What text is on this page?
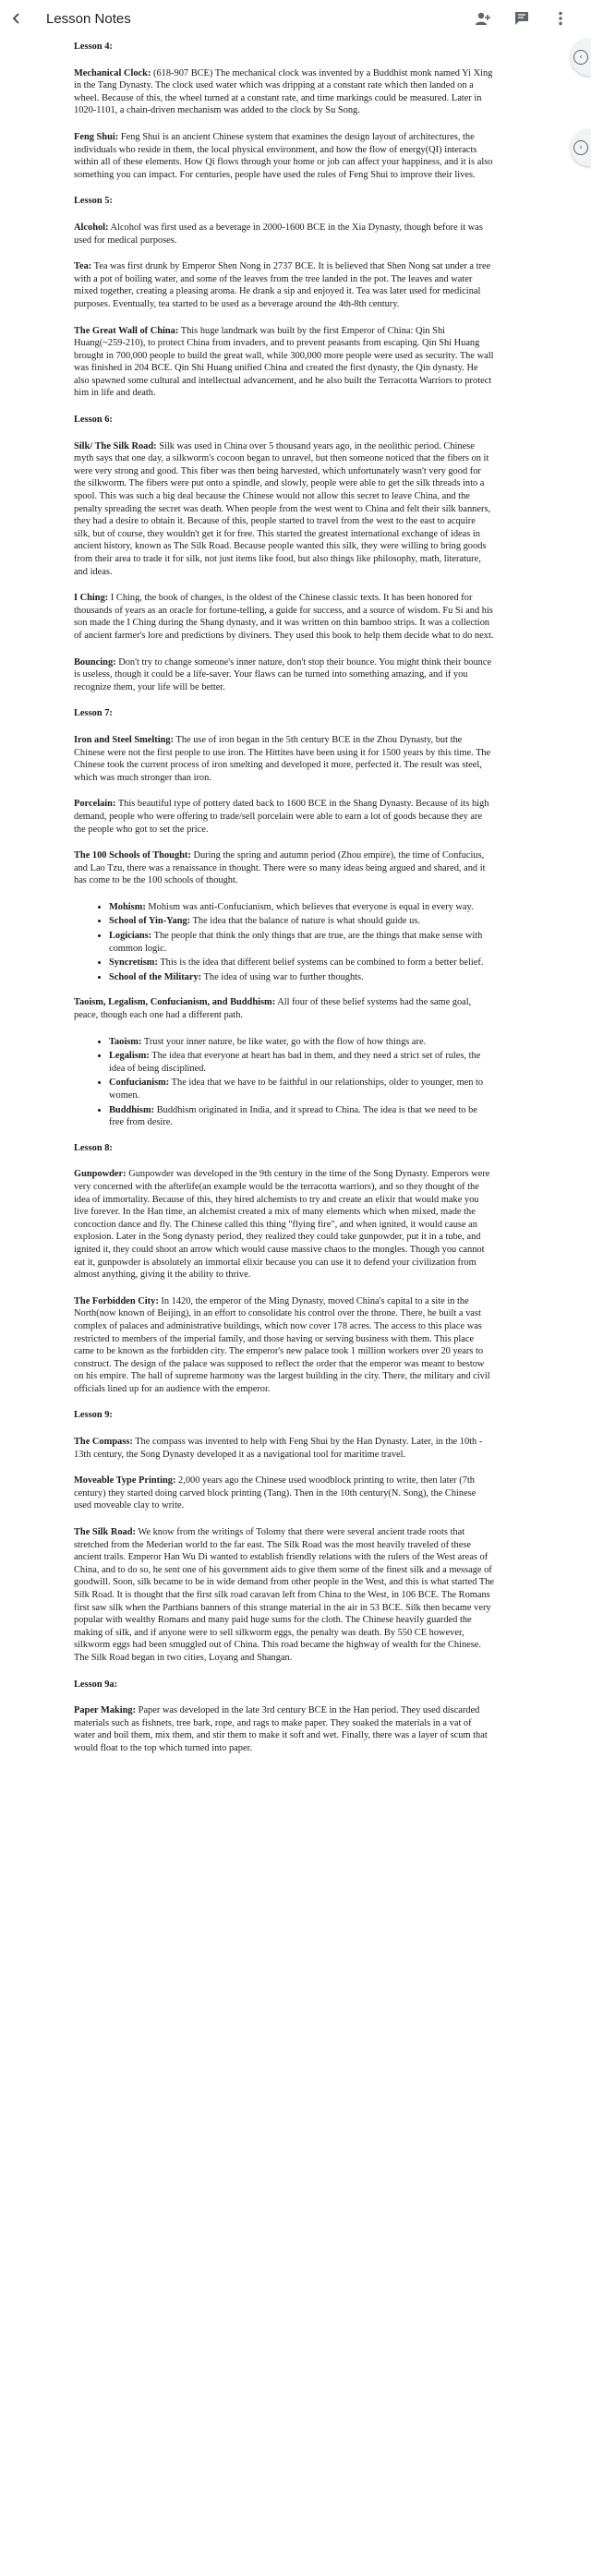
Lesson Notes
‹
‹

Lesson 4:

Mechanical Clock: (618-907 BCE) The mechanical clock was invented by a Buddhist monk named Yi Xing in the Tang Dynasty. The clock used water which was dripping at a constant rate which then landed on a wheel. Because of this, the wheel turned at a constant rate, and time markings could be measured. Later in 1020-1101, a chain-driven mechanism was added to the clock by Su Song.

Feng Shui: Feng Shui is an ancient Chinese system that examines the design layout of architectures, the individuals who reside in them, the local physical environment, and how the flow of energy(QI) interacts within all of these elements. How Qi flows through your home or job can affect your happiness, and it is also something you can impact. For centuries, people have used the rules of Feng Shui to improve their lives.

Lesson 5:

Alcohol: Alcohol was first used as a beverage in 2000-1600 BCE in the Xia Dynasty, though before it was used for medical purposes.

Tea: Tea was first drunk by Emperor Shen Nong in 2737 BCE. It is believed that Shen Nong sat under a tree with a pot of boiling water, and some of the leaves from the tree landed in the pot. The leaves and water mixed together, creating a pleasing aroma. He drank a sip and enjoyed it. Tea was later used for medicinal purposes. Eventually, tea started to be used as a beverage around the 4th-8th century.

The Great Wall of China: This huge landmark was built by the first Emperor of China: Qin Shi Huang(~259-210), to protect China from invaders, and to prevent peasants from escaping. Qin Shi Huang brought in 700,000 people to build the great wall, while 300,000 more people were used as security. The wall was finished in 204 BCE. Qin Shi Huang unified China and created the first dynasty, the Qin dynasty. He also spawned some cultural and intellectual advancement, and he also built the Terracotta Warriors to protect him in life and death.

Lesson 6:

Silk/ The Silk Road: Silk was used in China over 5 thousand years ago, in the neolithic period. Chinese myth says that one day, a silkworm's cocoon began to unravel, but then someone noticed that the fibers on it were very strong and good. This fiber was then being harvested, which unfortunately wasn't very good for the silkworm. The fibers were put onto a spindle, and slowly, people were able to get the silk threads into a spool. This was such a big deal because the Chinese would not allow this secret to leave China, and the penalty spreading the secret was death. When people from the west went to China and felt their silk banners, they had a desire to obtain it. Because of this, people started to travel from the west to the east to acquire silk, but of course, they wouldn't get it for free. This started the greatest international exchange of ideas in ancient history, known as The Silk Road. Because people wanted this silk, they were willing to bring goods from their area to trade it for silk, not just items like food, but also things like philosophy, math, literature, and ideas.

I Ching: I Ching, the book of changes, is the oldest of the Chinese classic texts. It has been honored for thousands of years as an oracle for fortune-telling, a guide for success, and a source of wisdom. Fu Si and his son made the I Ching during the Shang dynasty, and it was written on thin bamboo strips. It was a collection of ancient farmer's lore and predictions by diviners. They used this book to help them decide what to do next.

Bouncing: Don't try to change someone's inner nature, don't stop their bounce. You might think their bounce is useless, though it could be a life-saver. Your flaws can be turned into something amazing, and if you recognize them, your life will be better.

Lesson 7:

Iron and Steel Smelting: The use of iron began in the 5th century BCE in the Zhou Dynasty, but the Chinese were not the first people to use iron. The Hittites have been using it for 1500 years by this time. The Chinese took the current process of iron smelting and developed it more, perfected it. The result was steel, which was much stronger than iron.

Porcelain: This beautiful type of pottery dated back to 1600 BCE in the Shang Dynasty. Because of its high demand, people who were offering to trade/sell porcelain were able to earn a lot of goods because they are the people who got to set the price.

The 100 Schools of Thought: During the spring and autumn period (Zhou empire), the time of Confucius, and Lao Tzu, there was a renaissance in thought. There were so many ideas being argued and shared, and it has come to be the 100 schools of thought.

• Mohism: Mohism was anti-Confucianism, which believes that everyone is equal in every way.
• School of Yin-Yang: The idea that the balance of nature is what should guide us.
• Logicians: The people that think the only things that are true, are the things that make sense with common logic.
• Syncretism: This is the idea that different belief systems can be combined to form a better belief.
• School of the Military: The idea of using war to further thoughts.

Taoism, Legalism, Confucianism, and Buddhism: All four of these belief systems had the same goal, peace, though each one had a different path.

• Taoism: Trust your inner nature, be like water, go with the flow of how things are.
• Legalism: The idea that everyone at heart has bad in them, and they need a strict set of rules, the idea of being disciplined.
• Confucianism: The idea that we have to be faithful in our relationships, older to younger, men to women.
• Buddhism: Buddhism originated in India, and it spread to China. The idea is that we need to be free from desire.

Lesson 8:

Gunpowder: Gunpowder was developed in the 9th century in the time of the Song Dynasty. Emperors were very concerned with the afterlife(an example would be the terracotta warriors), and so they thought of the idea of immortality. Because of this, they hired alchemists to try and create an elixir that would make you live forever. In the Han time, an alchemist created a mix of many elements which when mixed, made the concoction dance and fly. The Chinese called this thing "flying fire", and when ignited, it would cause an explosion. Later in the Song dynasty period, they realized they could take gunpowder, put it in a tube, and ignited it, they could shoot an arrow which would cause massive chaos to the mongles. Though you cannot eat it, gunpowder is absolutely an immortal elixir because you can use it to defend your civilization from almost anything, giving it the ability to thrive.

The Forbidden City: In 1420, the emperor of the Ming Dynasty, moved China's capital to a site in the North(now known of Beijing), in an effort to consolidate his control over the throne. There, he built a vast complex of palaces and administrative buildings, which now cover 178 acres. The access to this place was restricted to members of the imperial family, and those having or serving business with them. This place came to be known as the forbidden city. The emperor's new palace took 1 million workers over 20 years to construct. The design of the palace was supposed to reflect the order that the emperor was meant to bestow on his empire. The hall of supreme harmony was the largest building in the city. There, the military and civil officials lined up for an audience with the emperor.

Lesson 9:

The Compass: The compass was invented to help with Feng Shui by the Han Dynasty. Later, in the 10th - 13th century, the Song Dynasty developed it as a navigational tool for maritime travel.

Moveable Type Printing: 2,000 years ago the Chinese used woodblock printing to write, then later (7th century) they started doing carved block printing (Tang). Then in the 10th century(N. Song), the Chinese used moveable clay to write.

The Silk Road: We know from the writings of Tolomy that there were several ancient trade roots that stretched from the Mederian world to the far east. The Silk Road was the most heavily traveled of these ancient trails. Emperor Han Wu Di wanted to establish friendly relations with the rulers of the West areas of China, and to do so, he sent one of his government aids to give them some of the finest silk and a message of goodwill. Soon, silk became to be in wide demand from other people in the West, and this is what started The Silk Road. It is thought that the first silk road caravan left from China to the West, in 106 BCE. The Romans first saw silk when the Parthians banners of this strange material in the air in 53 BCE. Silk then became very popular with wealthy Romans and many paid huge sums for the cloth. The Chinese heavily guarded the making of silk, and if anyone were to sell silkworm eggs, the penalty was death. By 550 CE however, silkworm eggs had been smuggled out of China. This road became the highway of wealth for the Chinese. The Silk Road began in two cities, Loyang and Shangan.

Lesson 9a:

Paper Making: Paper was developed in the late 3rd century BCE in the Han period. They used discarded materials such as fishnets, tree bark, rope, and rags to make paper. They soaked the materials in a vat of water and boil them, mix them, and stir them to make it soft and wet. Finally, there was a layer of scum that would float to the top which turned into paper.
